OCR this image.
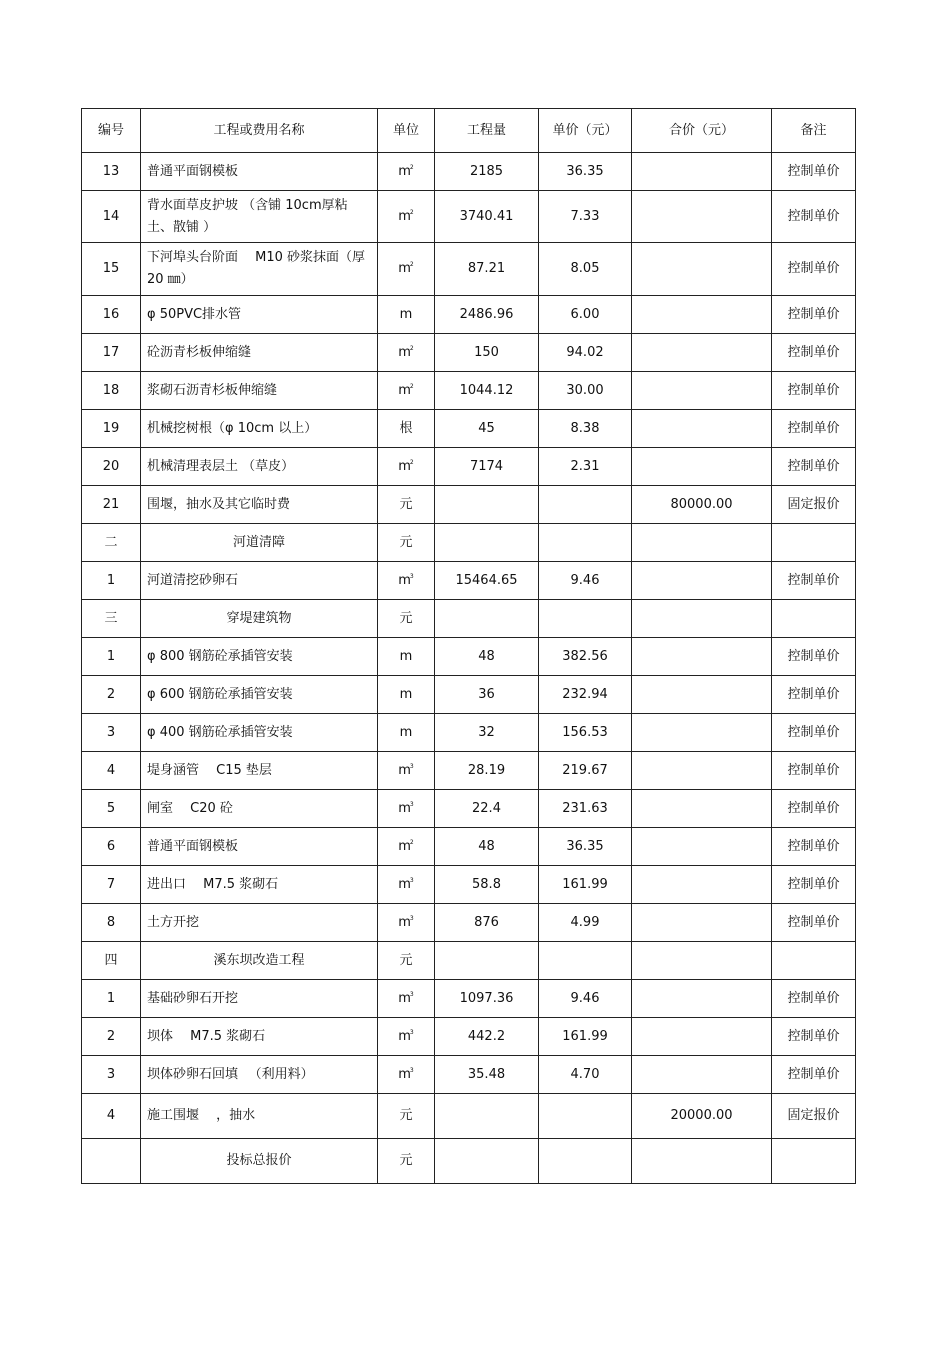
编号	工程或费用名称	单位	工程量	单价（元）	合价（元）	备注
13	普通平面钢模板	$m^2$	2185	36.35		控制单价
14	背水面草皮护坡 （含铺 10cm厚粘土、散铺 ）	$m^2$	3740.41	7.33		控制单价
15	下河埠头台阶面 　M10 砂浆抹面（厚 20 ㎜）	$m^2$	87.21	8.05		控制单价
16	φ 50PVC排水管	m	2486.96	6.00		控制单价
17	砼沥青杉板伸缩缝	$m^2$	150	94.02		控制单价
18	浆砌石沥青杉板伸缩缝	$m^2$	1044.12	30.00		控制单价
19	机械挖树根（φ 10cm 以上）	根	45	8.38		控制单价
20	机械清理表层土 （草皮）	$m^2$	7174	2.31		控制单价
21	围堰，抽水及其它临时费	元			80000.00	固定报价
二	河道清障	元				
1	河道清挖砂卵石	$m^3$	15464.65	9.46		控制单价
三	穿堤建筑物	元				
1	φ 800 钢筋砼承插管安装	m	48	382.56		控制单价
2	φ 600 钢筋砼承插管安装	m	36	232.94		控制单价
3	φ 400 钢筋砼承插管安装	m	32	156.53		控制单价
4	堤身涵管 　C15 垫层	$m^3$	28.19	219.67		控制单价
5	闸室 　C20 砼	$m^3$	22.4	231.63		控制单价
6	普通平面钢模板	$m^2$	48	36.35		控制单价
7	进出口 　M7.5 浆砌石	$m^3$	58.8	161.99		控制单价
8	土方开挖	$m^3$	876	4.99		控制单价
四	溪东坝改造工程	元				
1	基础砂卵石开挖	$m^3$	1097.36	9.46		控制单价
2	坝体 　M7.5 浆砌石	$m^3$	442.2	161.99		控制单价
3	坝体砂卵石回填 　（利用料）	$m^3$	35.48	4.70		控制单价
4	施工围堰 　，抽水	元			20000.00	固定报价
	投标总报价	元				
